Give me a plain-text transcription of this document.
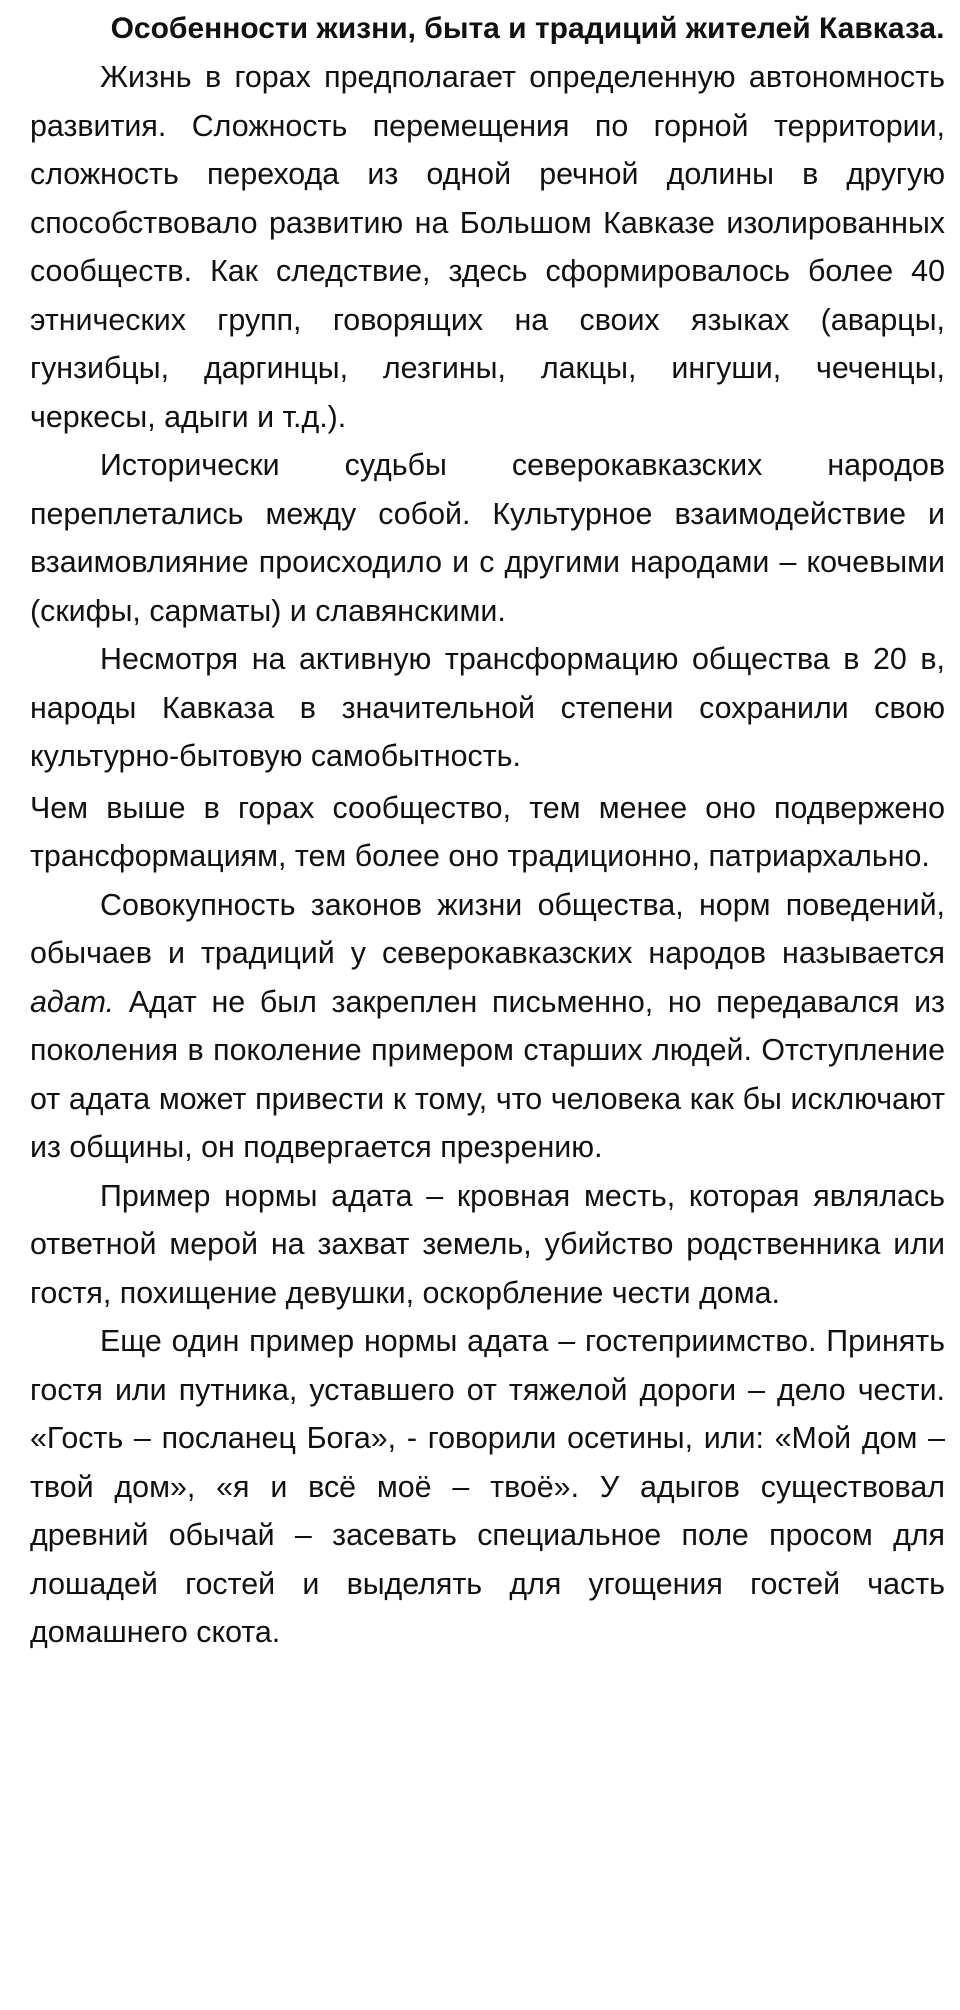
Особенности жизни, быта и традиций жителей Кавказа.

Жизнь в горах предполагает определенную автономность развития. Сложность перемещения по горной территории, сложность перехода из одной речной долины в другую способствовало развитию на Большом Кавказе изолированных сообществ. Как следствие, здесь сформировалось более 40 этнических групп, говорящих на своих языках (аварцы, гунзибцы, даргинцы, лезгины, лакцы, ингуши, чеченцы, черкесы, адыги и т.д.).

Исторически судьбы северокавказских народов переплетались между собой. Культурное взаимодействие и взаимовлияние происходило и с другими народами – кочевыми (скифы, сарматы) и славянскими.

Несмотря на активную трансформацию общества в 20 в, народы Кавказа в значительной степени сохранили свою культурно-бытовую самобытность.

Чем выше в горах сообщество, тем менее оно подвержено трансформациям, тем более оно традиционно, патриархально.

Совокупность законов жизни общества, норм поведений, обычаев и традиций у северокавказских народов называется адат. Адат не был закреплен письменно, но передавался из поколения в поколение примером старших людей. Отступление от адата может привести к тому, что человека как бы исключают из общины, он подвергается презрению.

Пример нормы адата – кровная месть, которая являлась ответной мерой на захват земель, убийство родственника или гостя, похищение девушки, оскорбление чести дома.

Еще один пример нормы адата – гостеприимство. Принять гостя или путника, уставшего от тяжелой дороги – дело чести. «Гость – посланец Бога», - говорили осетины, или: «Мой дом – твой дом», «я и всё моё – твоё». У адыгов существовал древний обычай – засевать специальное поле просом для лошадей гостей и выделять для угощения гостей часть домашнего скота.
